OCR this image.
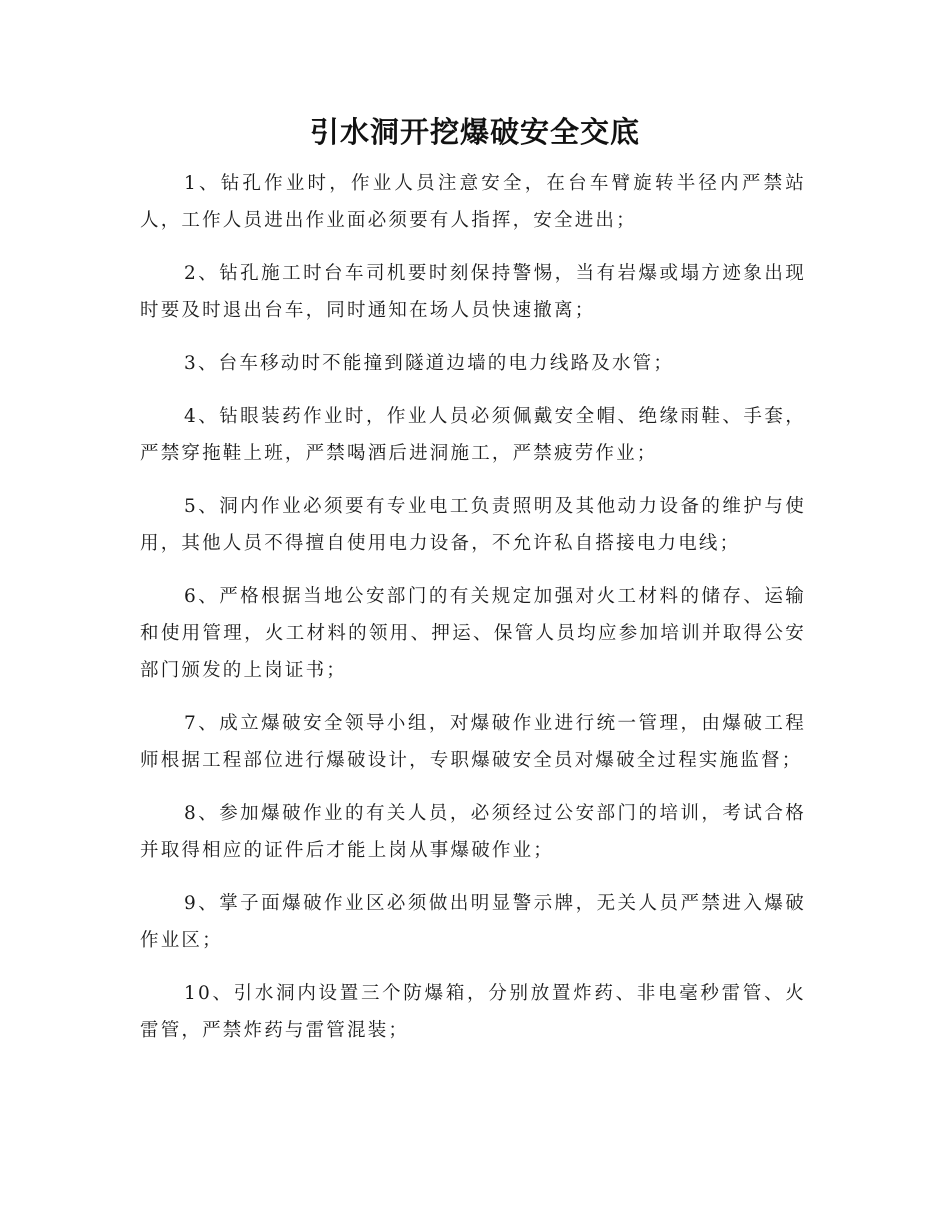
引水洞开挖爆破安全交底

1、钻孔作业时，作业人员注意安全，在台车臂旋转半径内严禁站人，工作人员进出作业面必须要有人指挥，安全进出；

2、钻孔施工时台车司机要时刻保持警惕，当有岩爆或塌方迹象出现时要及时退出台车，同时通知在场人员快速撤离；

3、台车移动时不能撞到隧道边墙的电力线路及水管；

4、钻眼装药作业时，作业人员必须佩戴安全帽、绝缘雨鞋、手套，严禁穿拖鞋上班，严禁喝酒后进洞施工，严禁疲劳作业；

5、洞内作业必须要有专业电工负责照明及其他动力设备的维护与使用，其他人员不得擅自使用电力设备，不允许私自搭接电力电线；

6、严格根据当地公安部门的有关规定加强对火工材料的储存、运输和使用管理，火工材料的领用、押运、保管人员均应参加培训并取得公安部门颁发的上岗证书；

7、成立爆破安全领导小组，对爆破作业进行统一管理，由爆破工程师根据工程部位进行爆破设计，专职爆破安全员对爆破全过程实施监督；

8、参加爆破作业的有关人员，必须经过公安部门的培训，考试合格并取得相应的证件后才能上岗从事爆破作业；

9、掌子面爆破作业区必须做出明显警示牌，无关人员严禁进入爆破作业区；

10、引水洞内设置三个防爆箱，分别放置炸药、非电毫秒雷管、火雷管，严禁炸药与雷管混装；
